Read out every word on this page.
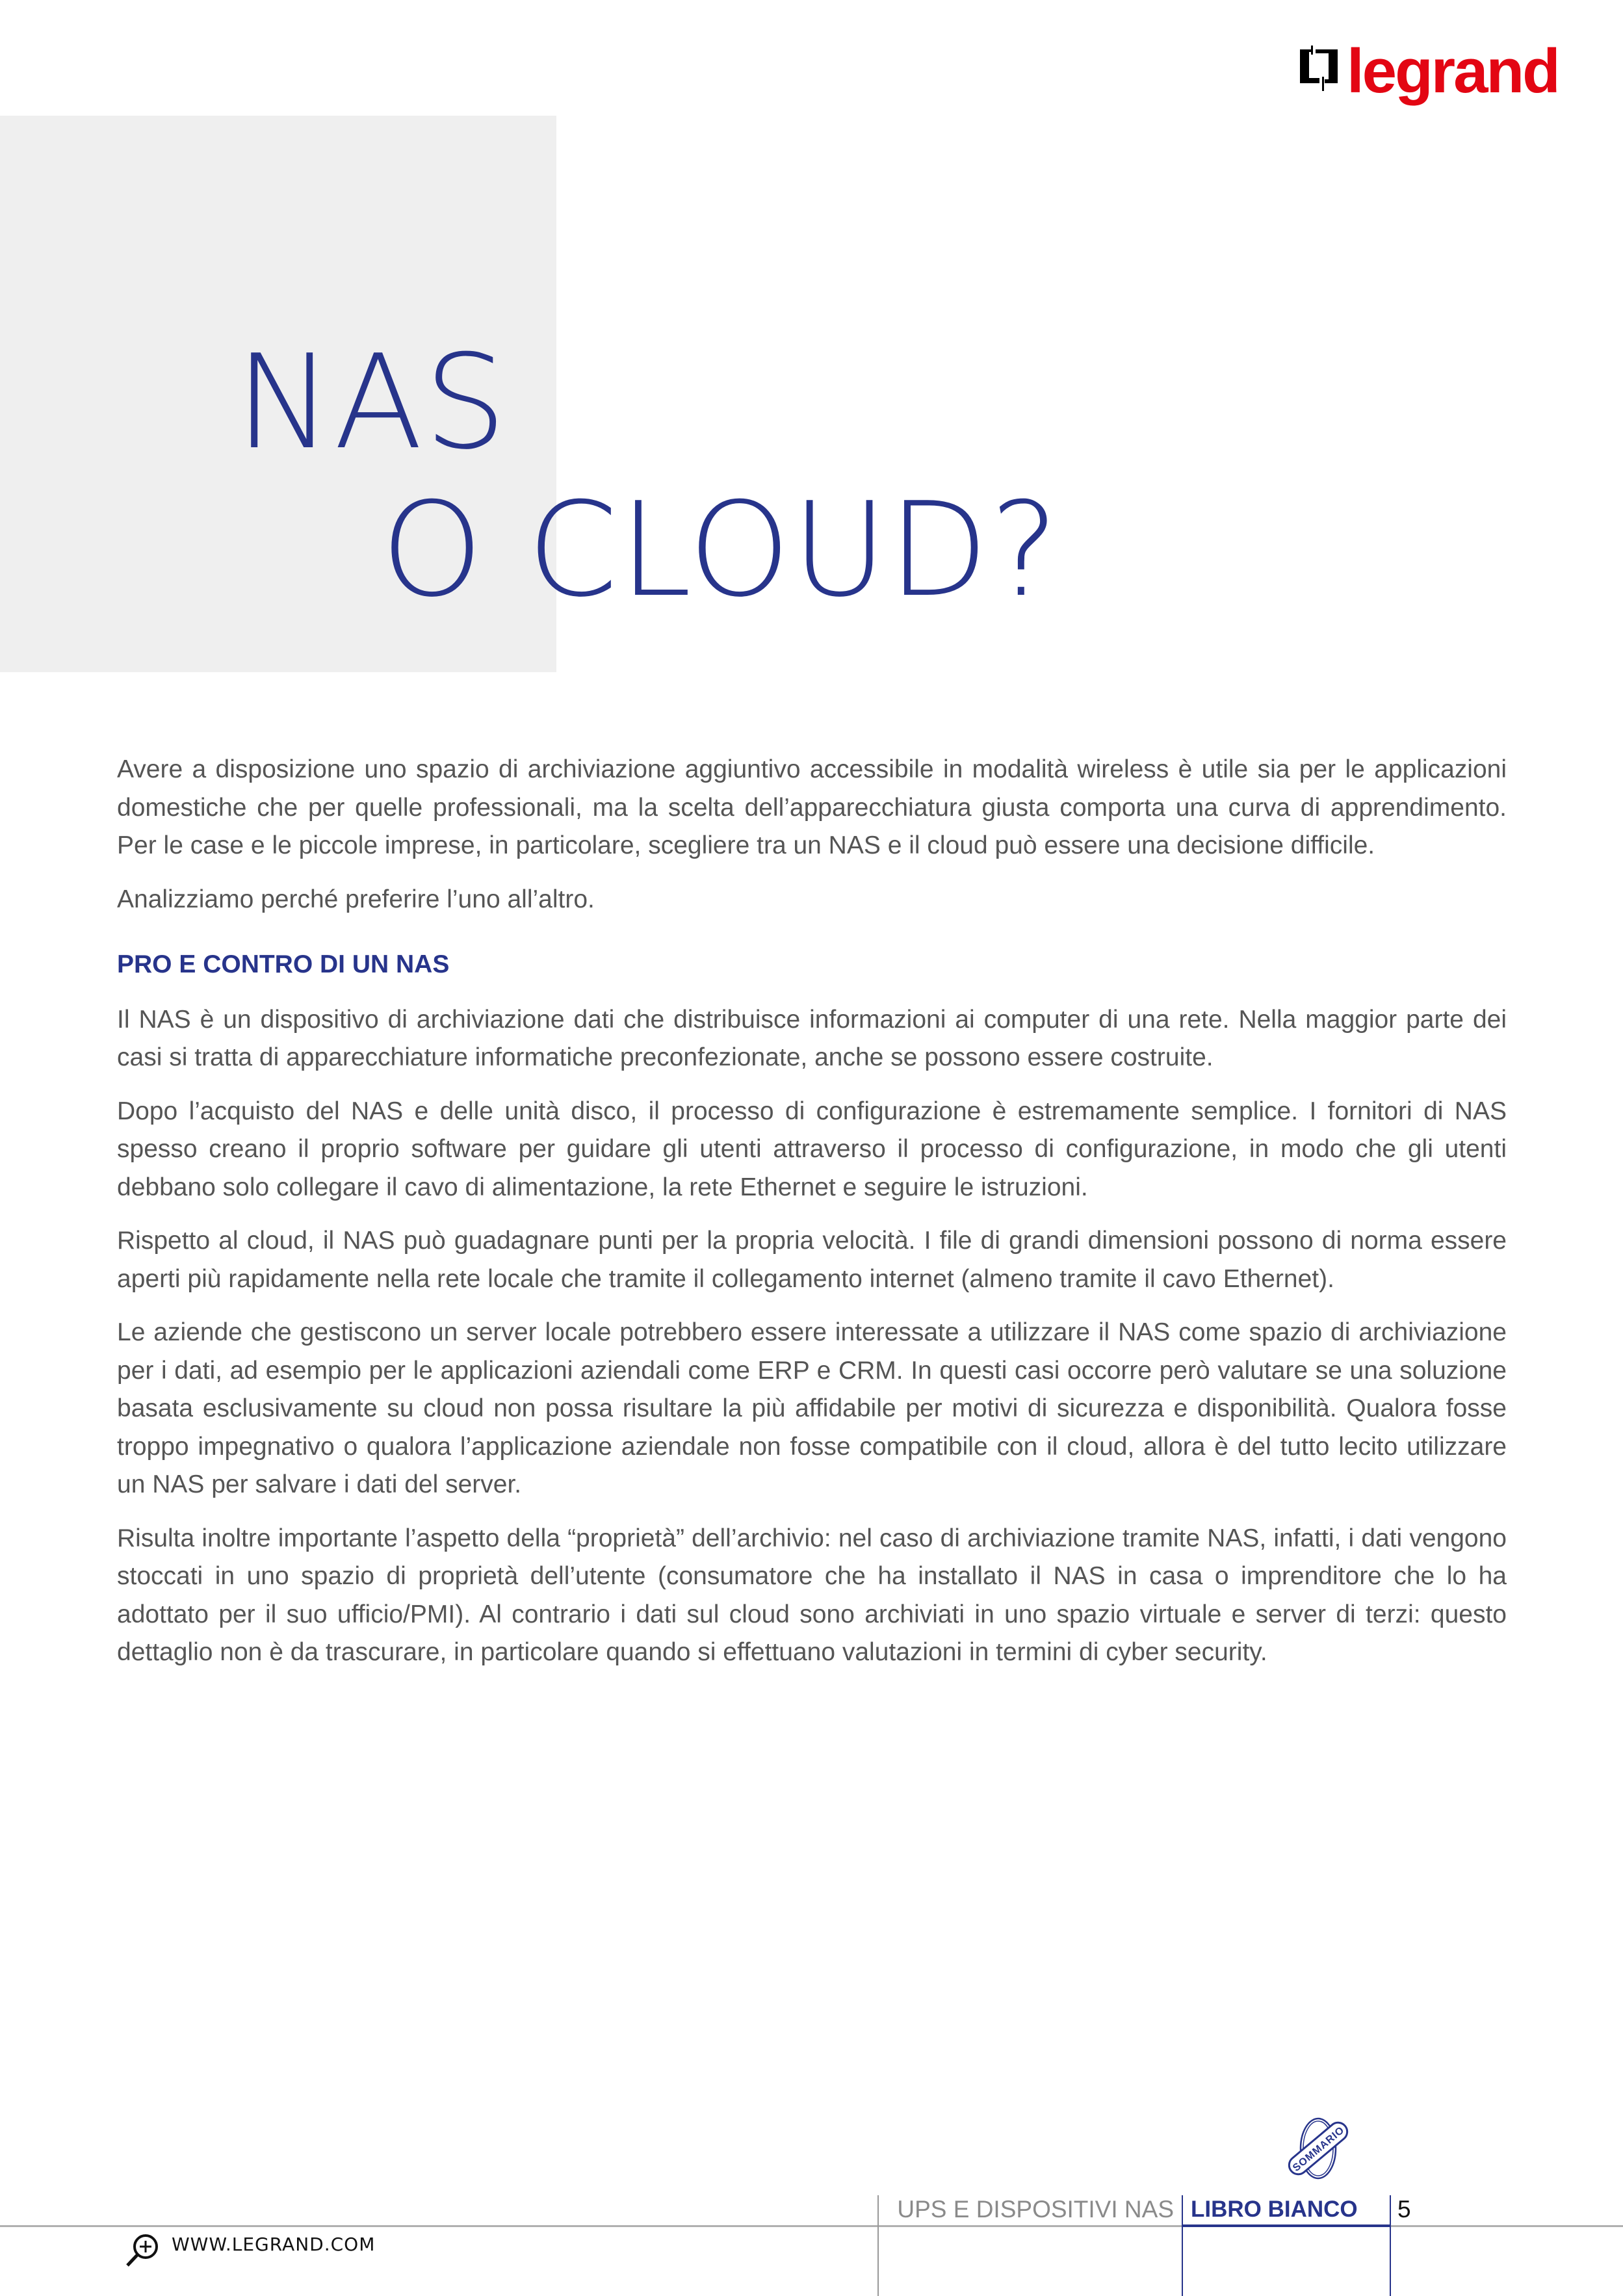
NAS
O CLOUD?
legrand

Avere a disposizione uno spazio di archiviazione aggiuntivo accessibile in modalità wireless è utile sia per le applicazioni domestiche che per quelle professionali, ma la scelta dell’apparecchiatura giusta comporta una curva di apprendimento. Per le case e le piccole imprese, in particolare, scegliere tra un NAS e il cloud può essere una decisione difficile.

Analizziamo perché preferire l’uno all’altro.

PRO E CONTRO DI UN NAS

Il NAS è un dispositivo di archiviazione dati che distribuisce informazioni ai computer di una rete. Nella maggior parte dei casi si tratta di apparecchiature informatiche preconfezionate, anche se possono essere costruite.

Dopo l’acquisto del NAS e delle unità disco, il processo di configurazione è estremamente semplice. I fornitori di NAS spesso creano il proprio software per guidare gli utenti attraverso il processo di configurazione, in modo che gli utenti debbano solo collegare il cavo di alimentazione, la rete Ethernet e seguire le istruzioni.

Rispetto al cloud, il NAS può guadagnare punti per la propria velocità. I file di grandi dimensioni possono di norma essere aperti più rapidamente nella rete locale che tramite il collegamento internet (almeno tramite il cavo Ethernet).

Le aziende che gestiscono un server locale potrebbero essere interessate a utilizzare il NAS come spazio di archiviazione per i dati, ad esempio per le applicazioni aziendali come ERP e CRM. In questi casi occorre però valutare se una soluzione basata esclusivamente su cloud non possa risultare la più affidabile per motivi di sicurezza e disponibilità. Qualora fosse troppo impegnativo o qualora l’applicazione aziendale non fosse compatibile con il cloud, allora è del tutto lecito utilizzare un NAS per salvare i dati del server.

Risulta inoltre importante l’aspetto della “proprietà” dell’archivio: nel caso di archiviazione tramite NAS, infatti, i dati vengono stoccati in uno spazio di proprietà dell’utente (consumatore che ha installato il NAS in casa o imprenditore che lo ha adottato per il suo ufficio/PMI). Al contrario i dati sul cloud sono archiviati in uno spazio virtuale e server di terzi: questo dettaglio non è da trascurare, in particolare quando si effettuano valutazioni in termini di cyber security.

SOMMARIO
UPS E DISPOSITIVI NAS LIBRO BIANCO 5
WWW.LEGRAND.COM
